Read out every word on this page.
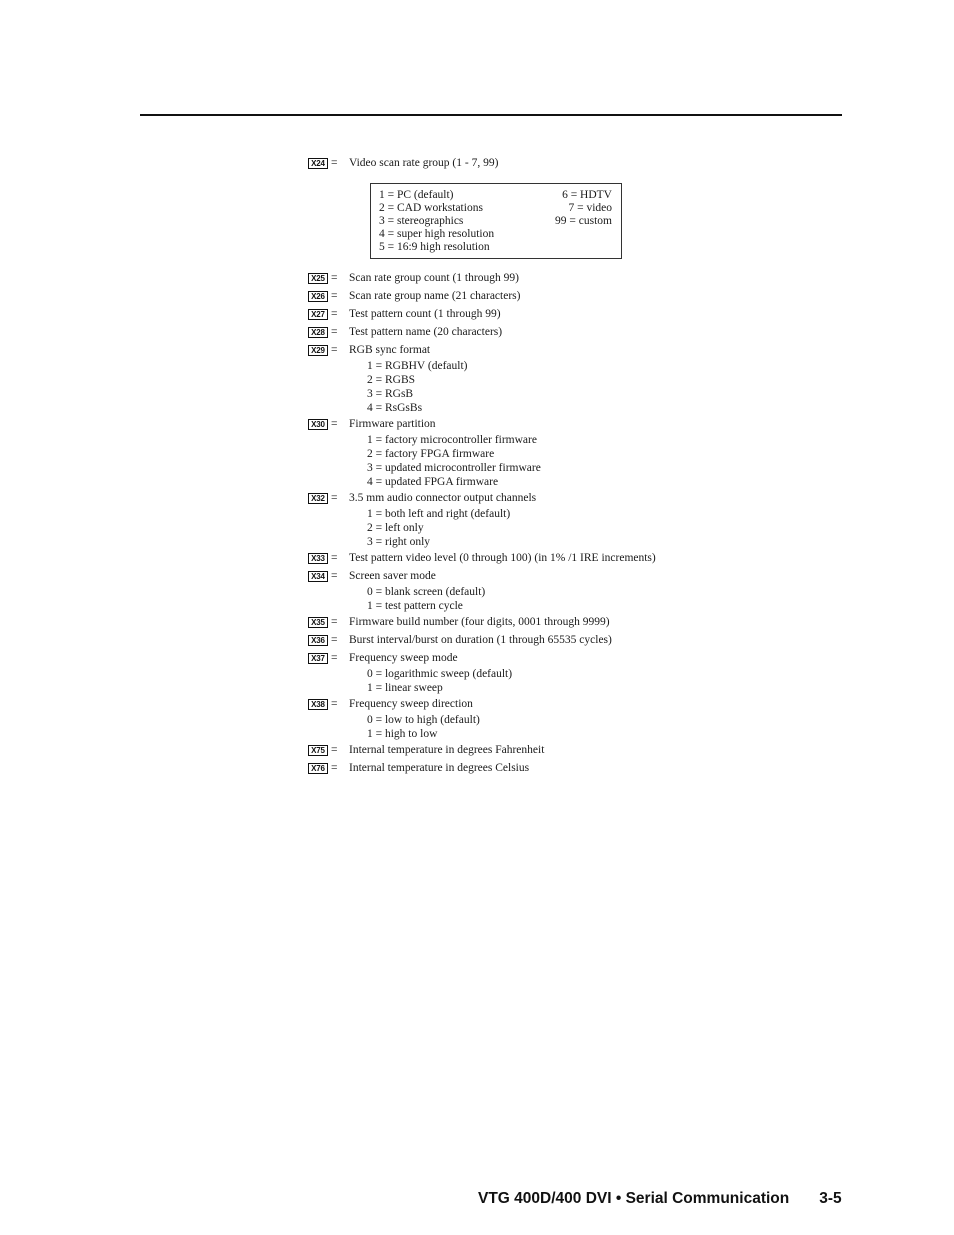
X24 = Video scan rate group (1 - 7, 99)
1 = PC (default)
2 = CAD workstations
3 = stereographics
4 = super high resolution
5 = 16:9 high resolution
6 = HDTV
7 = video
99 = custom
X25 = Scan rate group count (1 through 99)
X26 = Scan rate group name (21 characters)
X27 = Test pattern count (1 through 99)
X28 = Test pattern name (20 characters)
X29 = RGB sync format
1 = RGBHV (default)
2 = RGBS
3 = RGsB
4 = RsGsBs
X30 = Firmware partition
1 = factory microcontroller firmware
2 = factory FPGA firmware
3 = updated microcontroller firmware
4 = updated FPGA firmware
X32 = 3.5 mm audio connector output channels
1 = both left and right (default)
2 = left only
3 = right only
X33 = Test pattern video level (0 through 100) (in 1% /1 IRE increments)
X34 = Screen saver mode
0 = blank screen (default)
1 = test pattern cycle
X35 = Firmware build number (four digits, 0001 through 9999)
X36 = Burst interval/burst on duration (1 through 65535 cycles)
X37 = Frequency sweep mode
0 = logarithmic sweep (default)
1 = linear sweep
X38 = Frequency sweep direction
0 = low to high (default)
1 = high to low
X75 = Internal temperature in degrees Fahrenheit
X76 = Internal temperature in degrees Celsius
VTG 400D/400 DVI • Serial Communication 3-5
